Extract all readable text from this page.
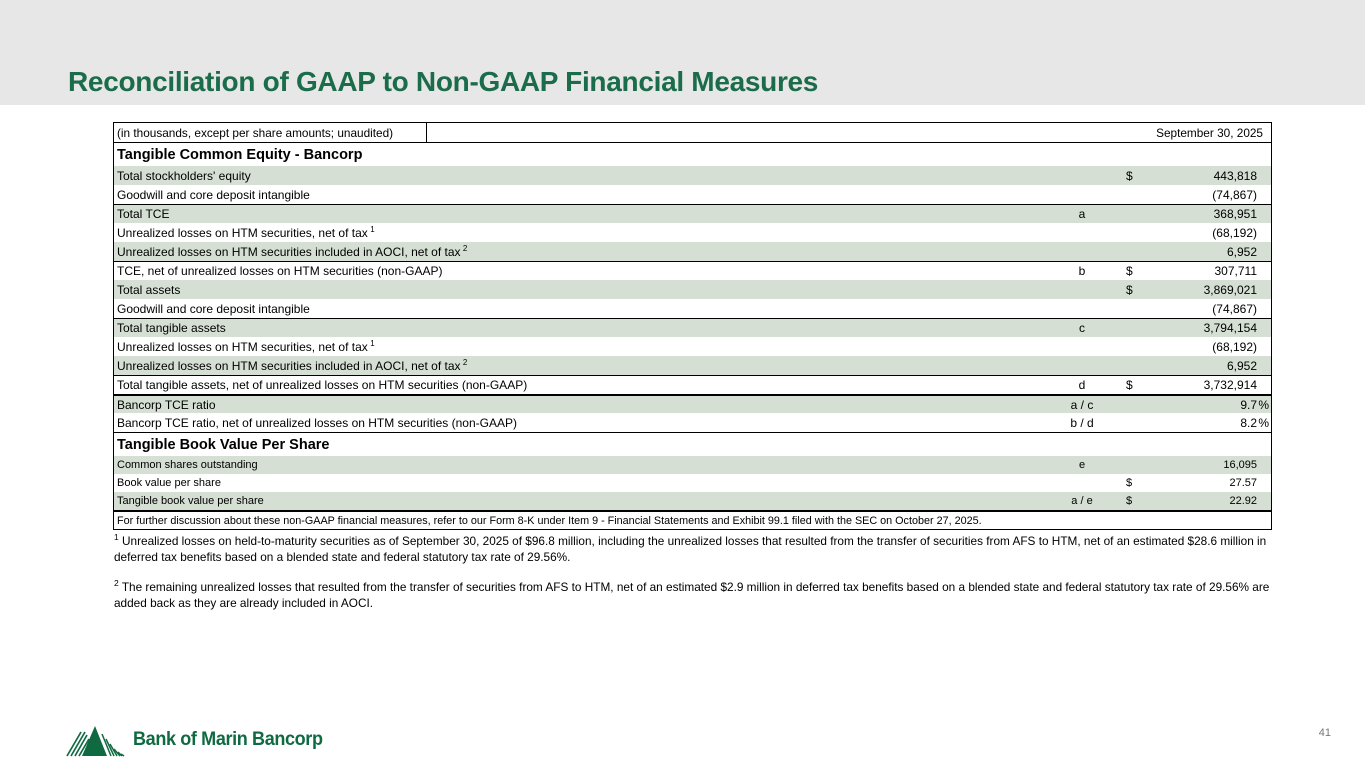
Reconciliation of GAAP to Non-GAAP Financial Measures
(in thousands, except per share amounts; unaudited)	September 30, 2025
Tangible Common Equity - Bancorp
Total stockholders' equity	$	443,818
Goodwill and core deposit intangible	(74,867)
Total TCE	a	368,951
Unrealized losses on HTM securities, net of tax  $^1$	(68,192)
Unrealized losses on HTM securities included in AOCI, net of tax  $^2$	6,952
TCE, net of unrealized losses on HTM securities (non-GAAP)	b	$	307,711
Total assets	$	3,869,021
Goodwill and core deposit intangible	(74,867)
Total tangible assets	c	3,794,154
Unrealized losses on HTM securities, net of tax  $^1$	(68,192)
Unrealized losses on HTM securities included in AOCI, net of tax  $^2$	6,952
Total tangible assets, net of unrealized losses on HTM securities (non-GAAP)	d	$	3,732,914
Bancorp TCE ratio	a / c	9.7 %
Bancorp TCE ratio, net of unrealized losses on HTM securities (non-GAAP)	b / d	8.2 %
Tangible Book Value Per Share
Common shares outstanding	e	16,095
Book value per share	$	27.57
Tangible book value per share	a / e	$	22.92
For further discussion about these non-GAAP financial measures, refer to our Form 8-K under Item 9 - Financial Statements and Exhibit 99.1 filed with the SEC on October 27, 2025.

$^1$ Unrealized losses on held-to-maturity securities as of September 30, 2025 of $96.8 million, including the unrealized losses that resulted from the transfer of securities from AFS to HTM, net of an estimated $28.6 million in deferred tax benefits based on a blended state and federal statutory tax rate of 29.56%.

$^2$ The remaining unrealized losses that resulted from the transfer of securities from AFS to HTM, net of an estimated $2.9 million in deferred tax benefits based on a blended state and federal statutory tax rate of 29.56% are added back as they are already included in AOCI.

Bank of Marin Bancorp	41
